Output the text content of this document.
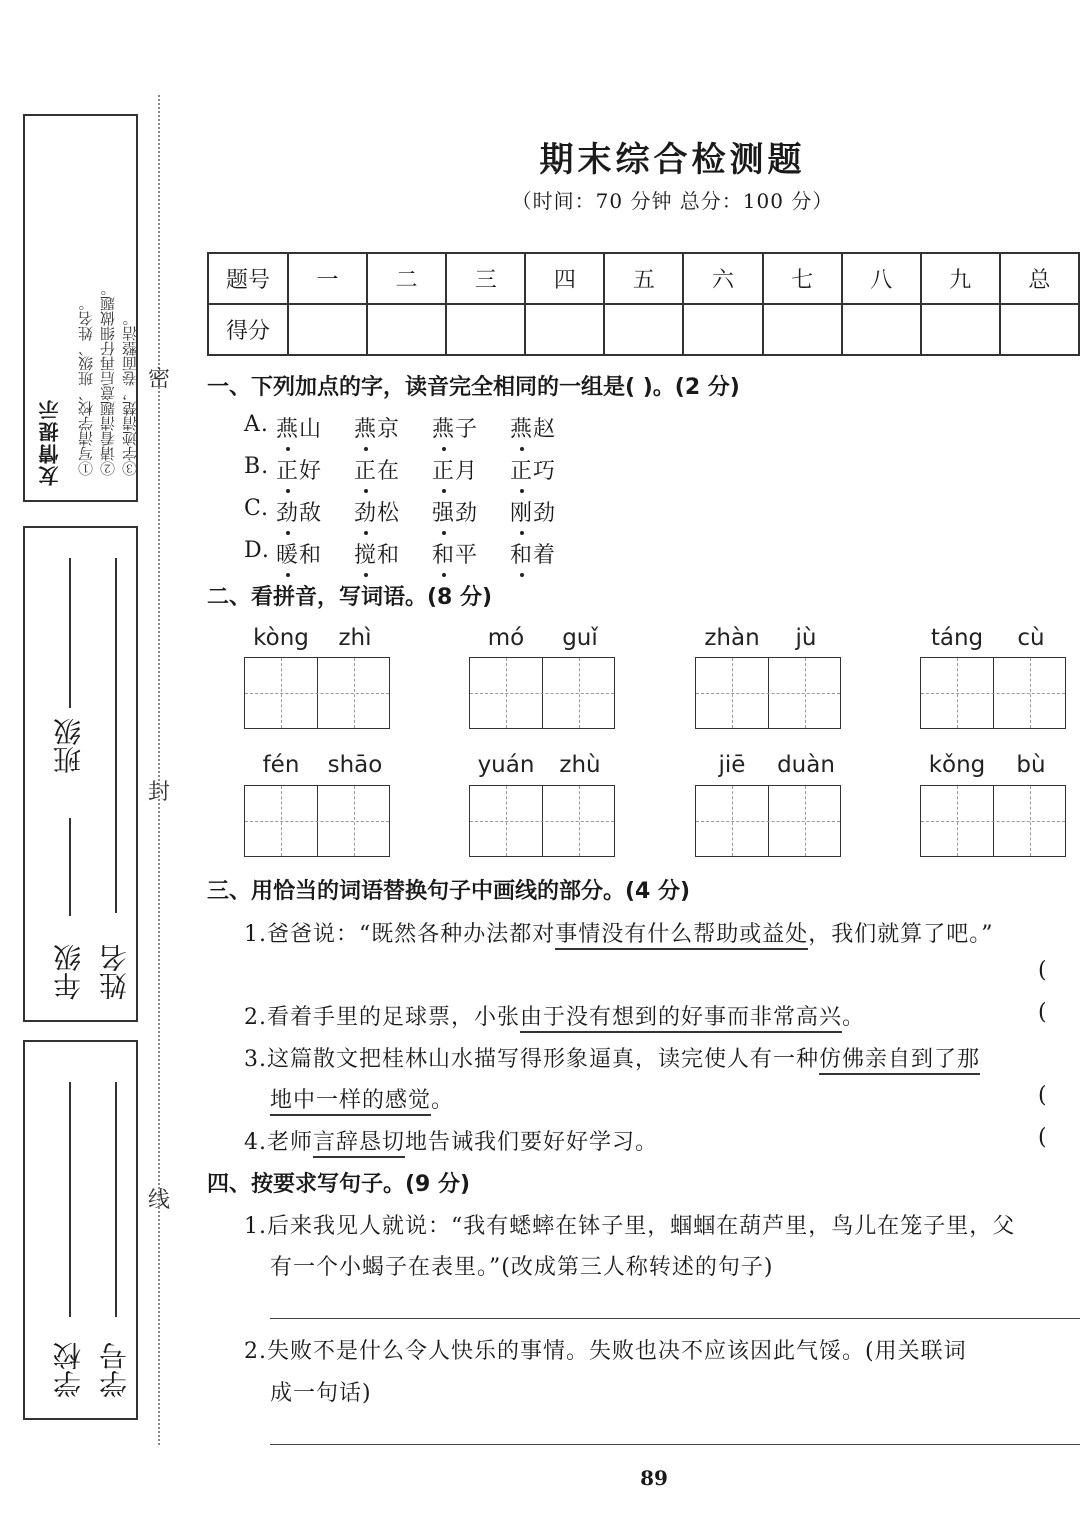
友情提示 ①写清学校、班级、姓名。 ②请看清题意后再仔细做题。 ③字迹清楚，卷面整洁。
年级
班级
姓名
学校 学号
密
封
线
期末综合检测题
（时间：70 分钟 总分：100 分）
题号	一	二	三	四	五	六	七	八	九	总
得分										
一、下列加点的字，读音完全相同的一组是( )。(2 分)
A. 燕山 燕京 燕子 燕赵
B. 正好 正在 正月 正巧
C. 劲敌 劲松 强劲 刚劲
D. 暖和 搅和 和平 和着
二、看拼音，写词语。(8 分)
kòng	zhì	mó	guǐ	zhàn	jù	táng	cù
fén	shāo	yuán	zhù	jiē	duàn	kǒng	bù
三、用恰当的词语替换句子中画线的部分。(4 分)
1.爸爸说：“既然各种办法都对事情没有什么帮助或益处，我们就算了吧。”
(
2.看着手里的足球票，小张由于没有想到的好事而非常高兴。	(
3.这篇散文把桂林山水描写得形象逼真，读完使人有一种仿佛亲自到了那
地中一样的感觉。	(
4.老师言辞恳切地告诫我们要好好学习。	(
四、按要求写句子。(9 分)
1.后来我见人就说：“我有蟋蟀在钵子里，蝈蝈在葫芦里，鸟儿在笼子里，父
有一个小蝎子在表里。”(改成第三人称转述的句子)
2.失败不是什么令人快乐的事情。失败也决不应该因此气馁。(用关联词
成一句话)
89
